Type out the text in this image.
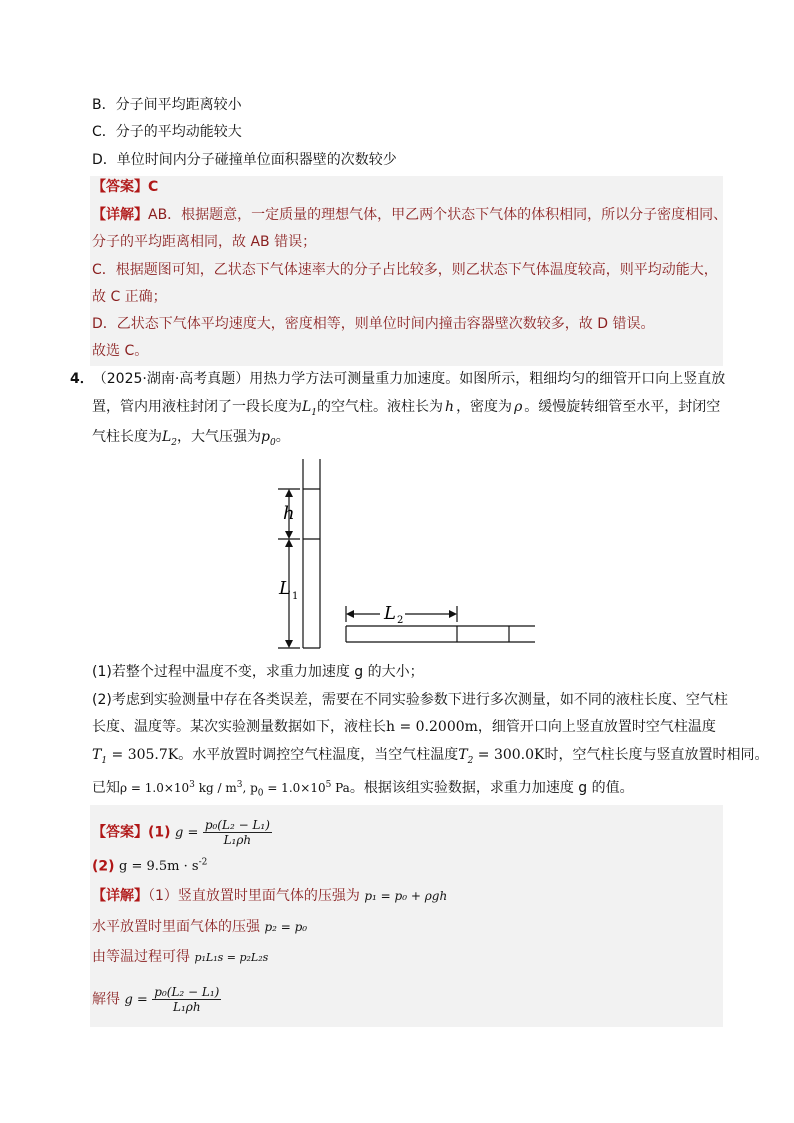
B．分子间平均距离较小
C．分子的平均动能较大
D．单位时间内分子碰撞单位面积器壁的次数较少
【答案】C
【详解】AB．根据题意，一定质量的理想气体，甲乙两个状态下气体的体积相同，所以分子密度相同、
分子的平均距离相同，故 AB 错误；
C．根据题图可知，乙状态下气体速率大的分子占比较多，则乙状态下气体温度较高，则平均动能大，
故 C 正确；
D．乙状态下气体平均速度大，密度相等，则单位时间内撞击容器壁次数较多，故 D 错误。
故选 C。
4． （2025·湖南·高考真题）用热力学方法可测量重力加速度。如图所示，粗细均匀的细管开口向上竖直放
置，管内用液柱封闭了一段长度为$L_1$的空气柱。液柱长为 h ，密度为 ρ 。缓慢旋转细管至水平，封闭空
气柱长度为$L_2$，大气压强为$p_0$。
h
L 1
L 2
(1)若整个过程中温度不变，求重力加速度 g 的大小；
(2)考虑到实验测量中存在各类误差，需要在不同实验参数下进行多次测量，如不同的液柱长度、空气柱
长度、温度等。某次实验测量数据如下，液柱长h = 0.2000m，细管开口向上竖直放置时空气柱温度
$T_1 = 305.7K$。水平放置时调控空气柱温度，当空气柱温度$T_2 = 300.0K$时，空气柱长度与竖直放置时相同。
已知$\rho = 1.0\times 10^3$ kg / $m^3$, $p_0 = 1.0\times 10^5$ Pa。根据该组实验数据，求重力加速度 g 的值。
【答案】(1) $g = \frac{\text{p₀(L₂ − L₁)}}{\text{L₁ρh}}$
(2) $g = 9.5m \cdot s^{-2}$
【详解】（1）竖直放置时里面气体的压强为 p₁ = p₀ + ρgh
水平放置时里面气体的压强 p₂ = p₀
由等温过程可得 p₁L₁s = p₂L₂s
解得 $g = \frac{\text{p₀(L₂ − L₁)}}{\text{L₁ρh}}$
